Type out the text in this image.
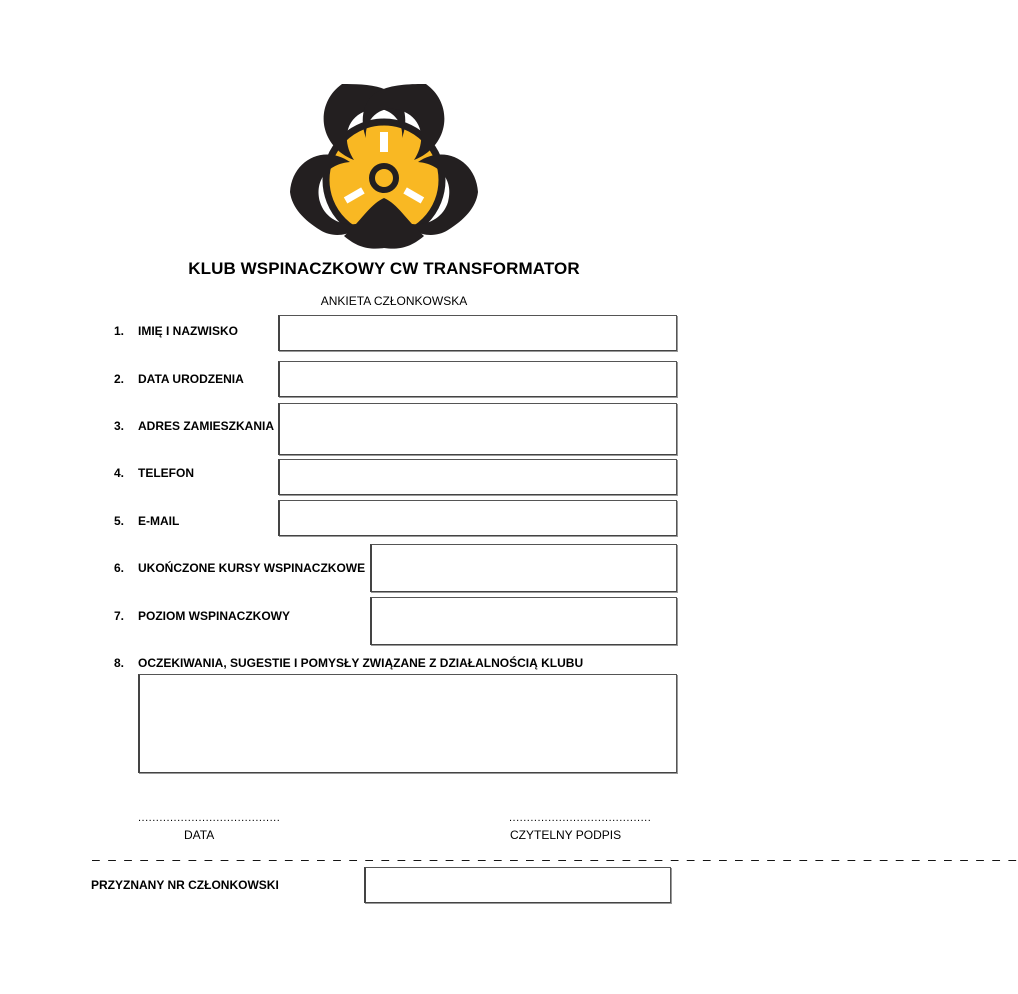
KLUB WSPINACZKOWY CW TRANSFORMATOR
ANKIETA CZŁONKOWSKA
1. IMIĘ I NAZWISKO
2. DATA URODZENIA
3. ADRES ZAMIESZKANIA
4. TELEFON
5. E-MAIL
6. UKOŃCZONE KURSY WSPINACZKOWE
7. POZIOM WSPINACZKOWY
8. OCZEKIWANIA, SUGESTIE I POMYSŁY ZWIĄZANE Z DZIAŁALNOŚCIĄ KLUBU
........................................
DATA
........................................
CZYTELNY PODPIS
– – – – – – – – – – – – – – – – – – – – – – – – – – – – – – – – – – – – – – – – – – – – – – – – – – – – – – – – – –
PRZYZNANY NR CZŁONKOWSKI
